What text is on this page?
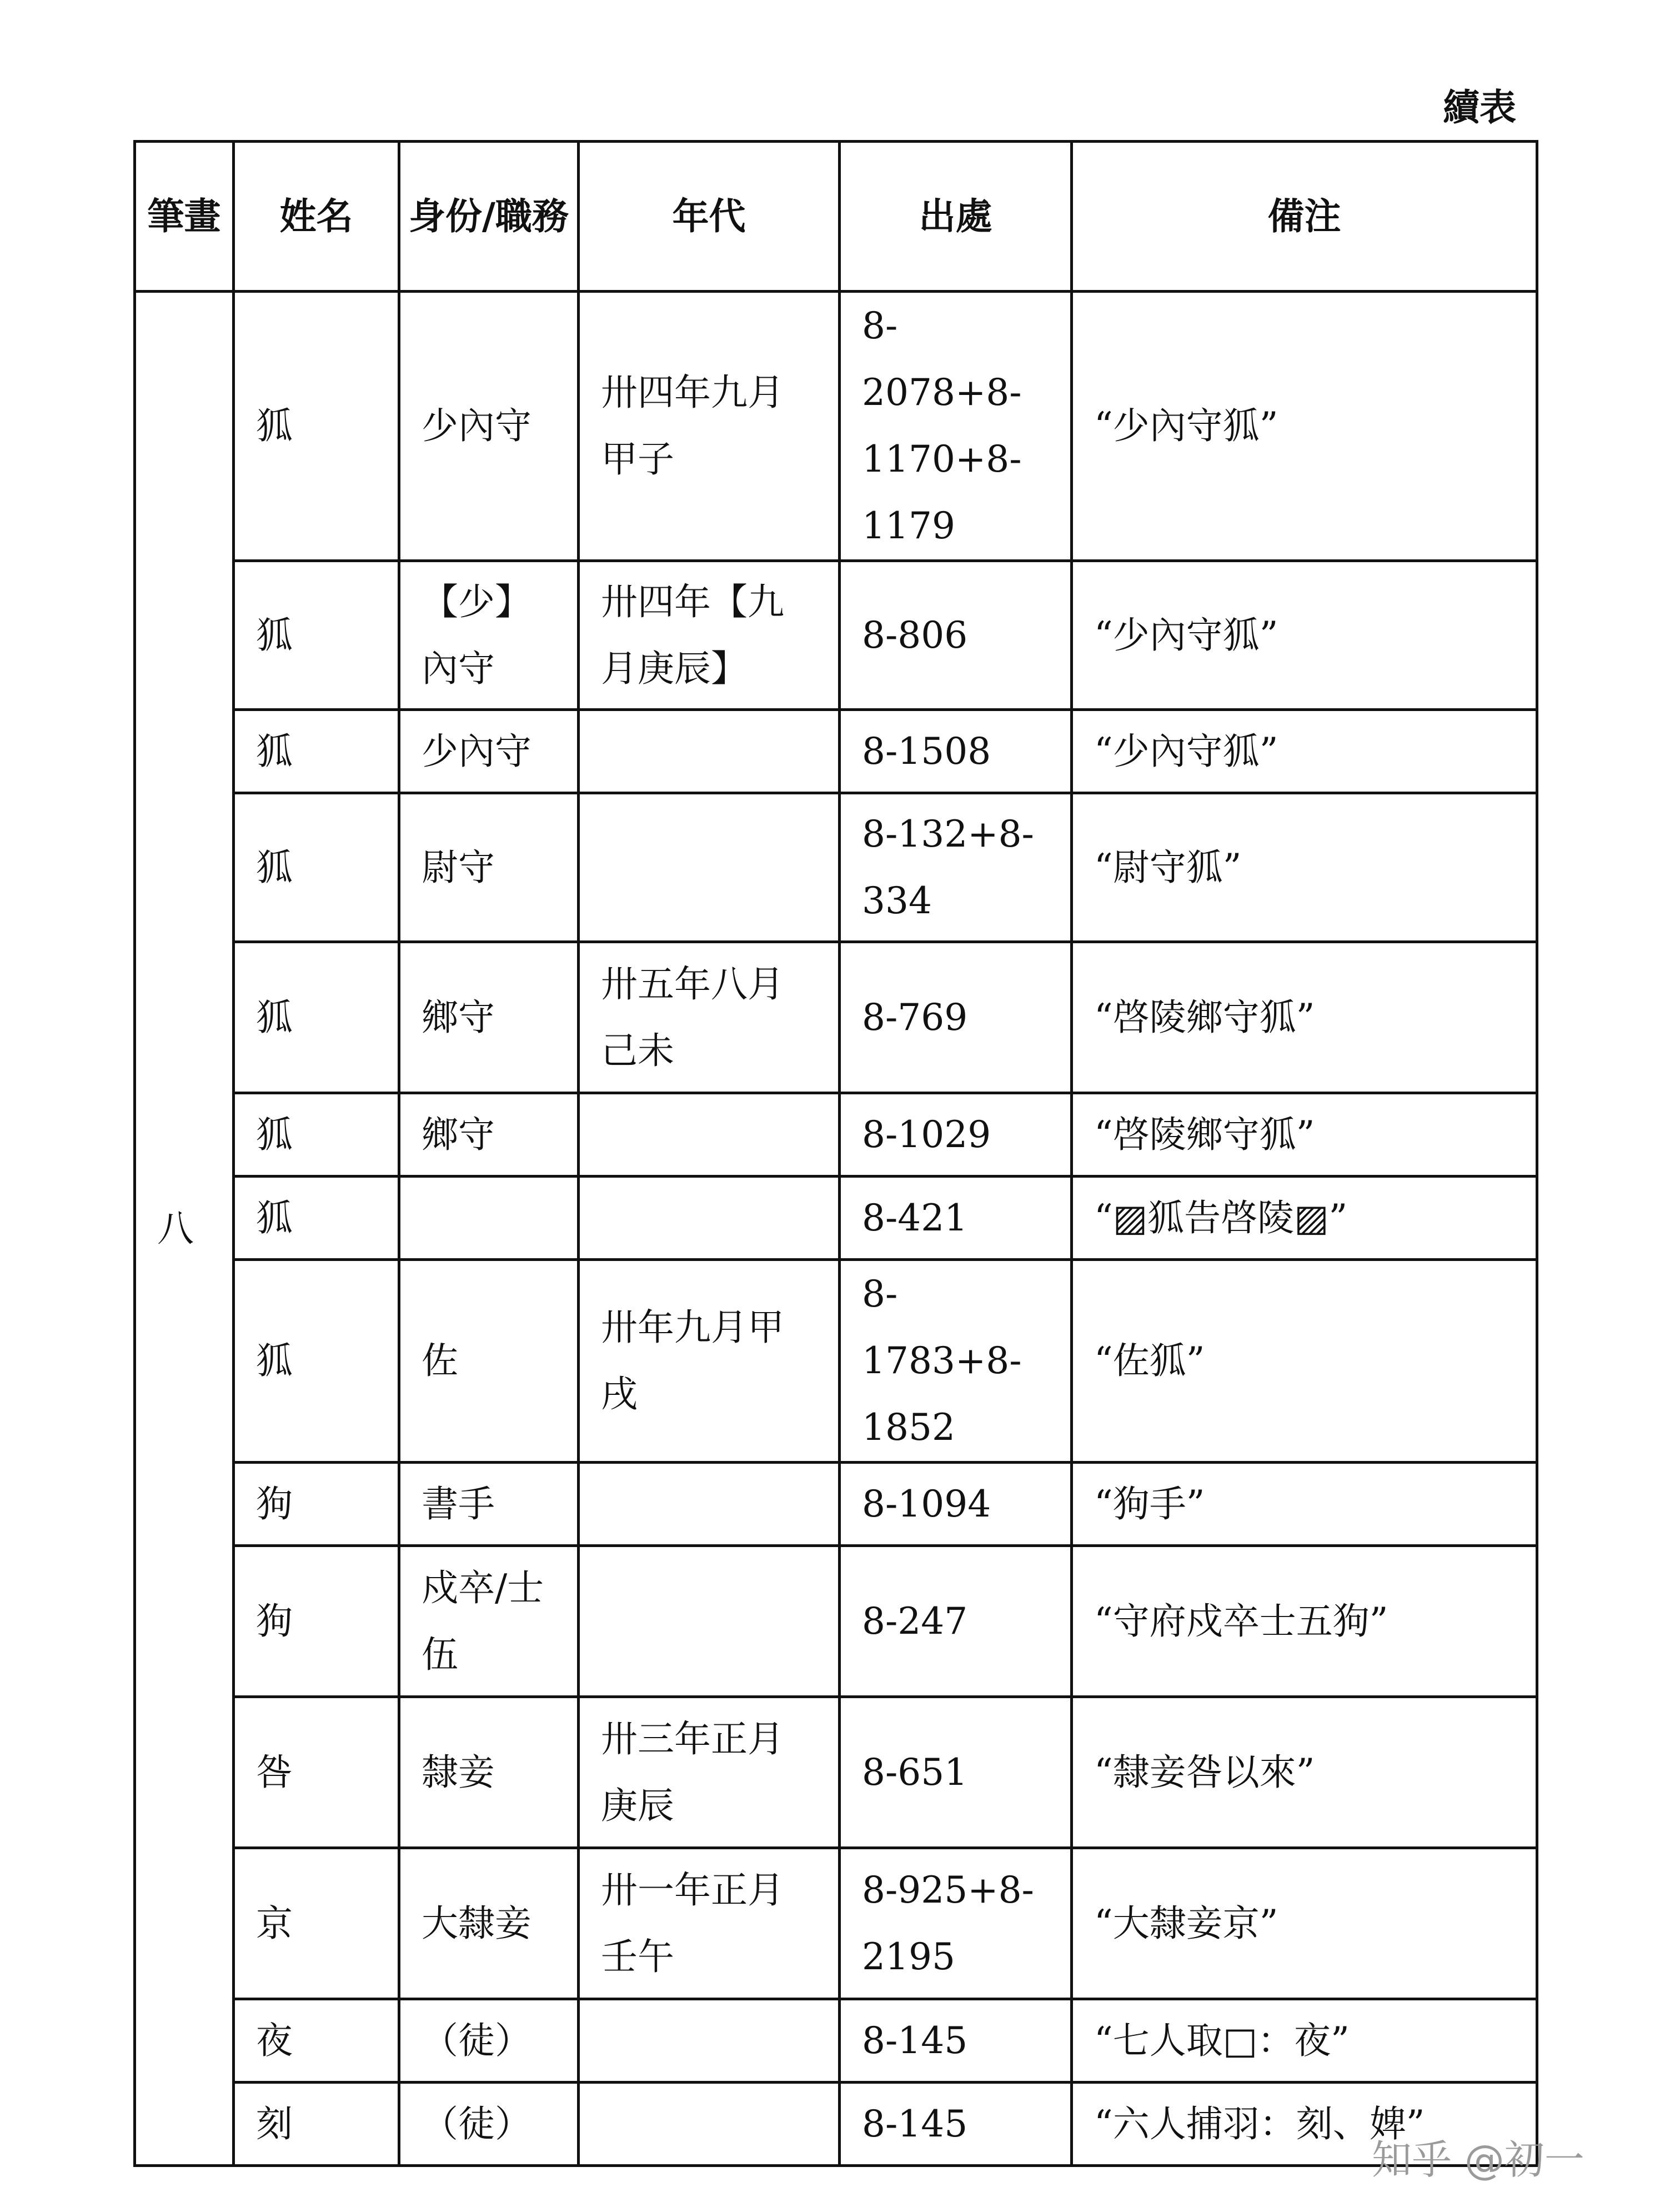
續表
筆畫	姓名	身份/職務	年代	出處	備注
八	狐	少內守	卅四年九月甲子	8-2078+8-1170+8-1179	“少內守狐”
	狐	【少】內守	卅四年【九月庚辰】	8-806	“少內守狐”
	狐	少內守		8-1508	“少內守狐”
	狐	尉守		8-132+8-334	“尉守狐”
	狐	鄉守	卅五年八月己未	8-769	“啓陵鄉守狐”
	狐	鄉守		8-1029	“啓陵鄉守狐”
	狐			8-421	“▨狐告啓陵▨”
	狐	佐	卅年九月甲戌	8-1783+8-1852	“佐狐”
	狗	書手		8-1094	“狗手”
	狗	戍卒/士伍		8-247	“守府戍卒士五狗”
	咎	隸妾	卅三年正月庚辰	8-651	“隸妾咎以來”
	京	大隸妾	卅一年正月壬午	8-925+8-2195	“大隸妾京”
	夜	（徒）		8-145	“七人取□：夜”
	刻	（徒）		8-145	“六人捕羽：刻、婢”
知乎 @初一
